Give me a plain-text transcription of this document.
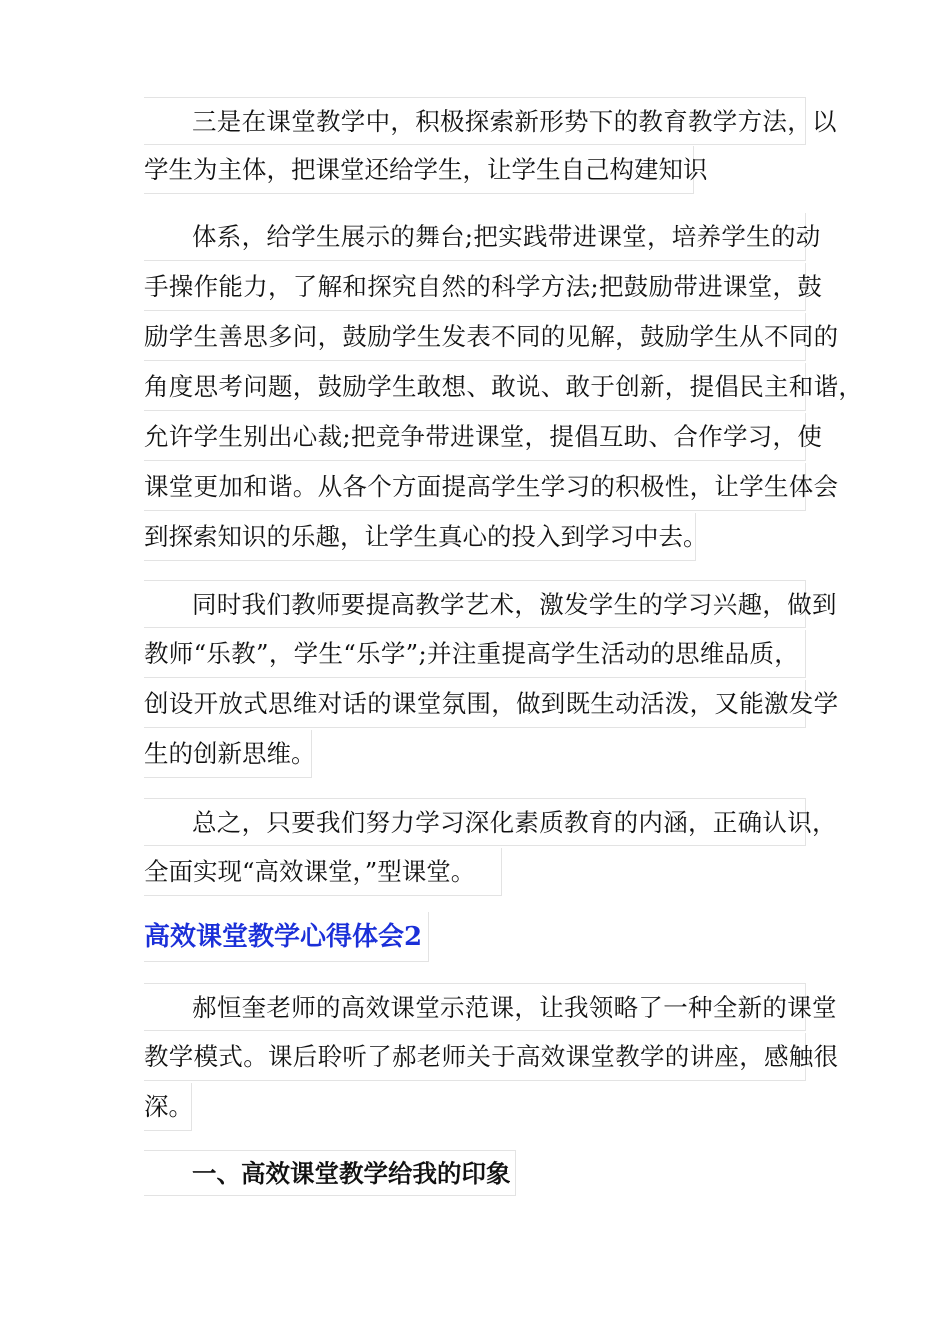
三是在课堂教学中，积极探索新形势下的教育教学方法，以
学生为主体，把课堂还给学生，让学生自己构建知识
体系，给学生展示的舞台;把实践带进课堂，培养学生的动
手操作能力，了解和探究自然的科学方法;把鼓励带进课堂，鼓
励学生善思多问，鼓励学生发表不同的见解，鼓励学生从不同的
角度思考问题，鼓励学生敢想、敢说、敢于创新，提倡民主和谐，
允许学生别出心裁;把竞争带进课堂，提倡互助、合作学习，使
课堂更加和谐。从各个方面提高学生学习的积极性，让学生体会
到探索知识的乐趣，让学生真心的投入到学习中去。
同时我们教师要提高教学艺术，激发学生的学习兴趣，做到
教师“乐教”，学生“乐学”;并注重提高学生活动的思维品质，
创设开放式思维对话的课堂氛围，做到既生动活泼，又能激发学
生的创新思维。
总之，只要我们努力学习深化素质教育的内涵，正确认识，
全面实现“高效课堂，”型课堂。
高效课堂教学心得体会2
郝恒奎老师的高效课堂示范课，让我领略了一种全新的课堂
教学模式。课后聆听了郝老师关于高效课堂教学的讲座，感触很
深。
一、高效课堂教学给我的印象
